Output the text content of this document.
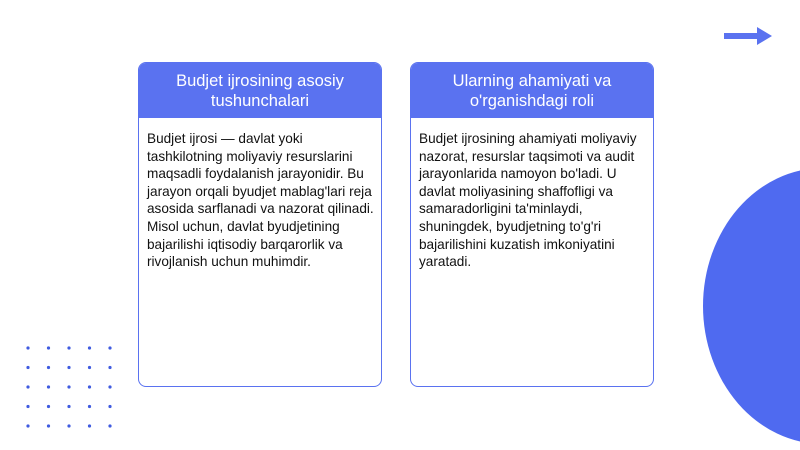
Budjet ijrosining asosiy tushunchalari
Budjet ijrosi — davlat yoki tashkilotning moliyaviy resurslarini maqsadli foydalanish jarayonidir. Bu jarayon orqali byudjet mablag'lari reja asosida sarflanadi va nazorat qilinadi. Misol uchun, davlat byudjetining bajarilishi iqtisodiy barqarorlik va rivojlanish uchun muhimdir.
Ularning ahamiyati va o'rganishdagi roli
Budjet ijrosining ahamiyati moliyaviy nazorat, resurslar taqsimoti va audit jarayonlarida namoyon bo'ladi. U davlat moliyasining shaffofligi va samaradorligini ta'minlaydi, shuningdek, byudjetning to'g'ri bajarilishini kuzatish imkoniyatini yaratadi.
